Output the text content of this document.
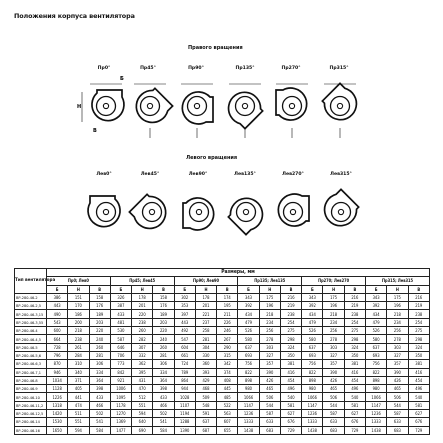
Положения корпуса вентилятора
Правого вращения
Левого вращения
Пр0°	Пр45°	Пр90°	Пр135°	Пр270°	Пр315°
Лев0°	Лев45°	Лев90°	Лев135°	Лев270°	Лев315°
Б
Н
В
Тип вентилятора	Размеры, мм																	
	Пр0; Лев0			Пр45; Лев45			Пр90; Лев90			Пр135; Лев135			Пр270; Лев270			Пр315; Лев315		
	Б	Н	В	Б	Н	В	Б	Н	В	Б	Н	В	Б	Н	В	Б	Н	В
ВР-280-46-2	386	151	158	326	178	158	302	178	174	343	175	216	343	175	216	343	175	216
ВР-280-46-2,5	443	170	176	387	201	176	353	201	195	392	196	219	392	196	219	392	196	219
ВР-280-46-3,15	490	186	189	433	220	189	397	221	211	434	218	238	434	218	238	434	218	238
ВР-280-46-3,55	543	200	203	481	238	203	443	237	226	479	234	254	479	234	254	479	234	254
ВР-280-46-4	600	218	220	530	260	220	492	258	246	526	256	275	526	256	275	526	256	275
ВР-280-46-4,5	664	238	240	587	282	240	547	281	267	580	278	298	580	278	298	580	278	298
ВР-280-46-5	728	261	260	646	307	260	604	304	290	637	303	324	637	303	324	637	303	324
ВР-280-46-5,6	796	284	281	706	332	281	661	330	315	693	327	350	693	327	350	693	327	350
ВР-280-46-6,3	870	310	306	773	362	306	724	360	342	756	357	381	756	357	381	756	357	381
ВР-280-46-7,1	946	340	334	842	395	334	789	393	374	822	390	416	822	390	416	822	390	416
ВР-280-46-8	1034	371	364	921	431	364	864	429	408	898	426	454	898	426	454	898	426	454
ВР-280-46-9	1128	405	398	1006	470	398	944	468	445	980	465	496	980	465	496	980	465	496
ВР-280-46-10	1226	441	433	1095	512	433	1028	509	485	1066	506	540	1066	506	540	1066	506	540
ВР-280-46-11,2	1318	474	466	1178	551	466	1107	548	522	1147	544	581	1147	544	581	1147	544	581
ВР-280-46-12,5	1420	511	502	1270	594	502	1194	591	563	1236	587	627	1236	587	627	1236	587	627
ВР-280-46-14	1530	551	541	1369	640	541	1288	637	607	1333	633	676	1333	633	676	1333	633	676
ВР-280-46-16	1650	594	584	1477	690	584	1390	687	655	1438	683	729	1438	683	729	1438	683	729
